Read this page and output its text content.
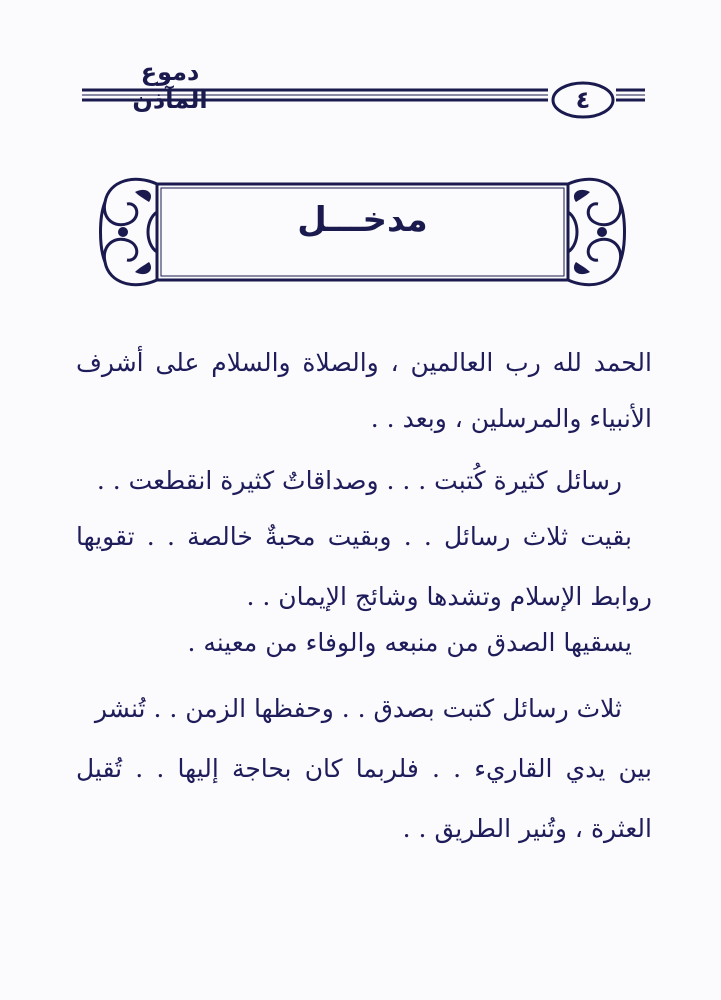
دموع المآذن	٤
مدخـــل
الحمد لله رب العالمين ، والصلاة والسلام على أشرف
الأنبياء والمرسلين ، وبعد . .
رسائل كثيرة كُتبت . . . وصداقاتٌ كثيرة انقطعت . .
بقيت ثلاث رسائل . . وبقيت محبةٌ خالصة . . تقويها
روابط الإسلام وتشدها وشائج الإيمان . .
يسقيها الصدق من منبعه والوفاء من معينه .
ثلاث رسائل كتبت بصدق . . وحفظها الزمن . . تُنشر
بين يدي القاريء . . فلربما كان بحاجة إليها . . تُقيل
العثرة ، وتُنير الطريق . .
